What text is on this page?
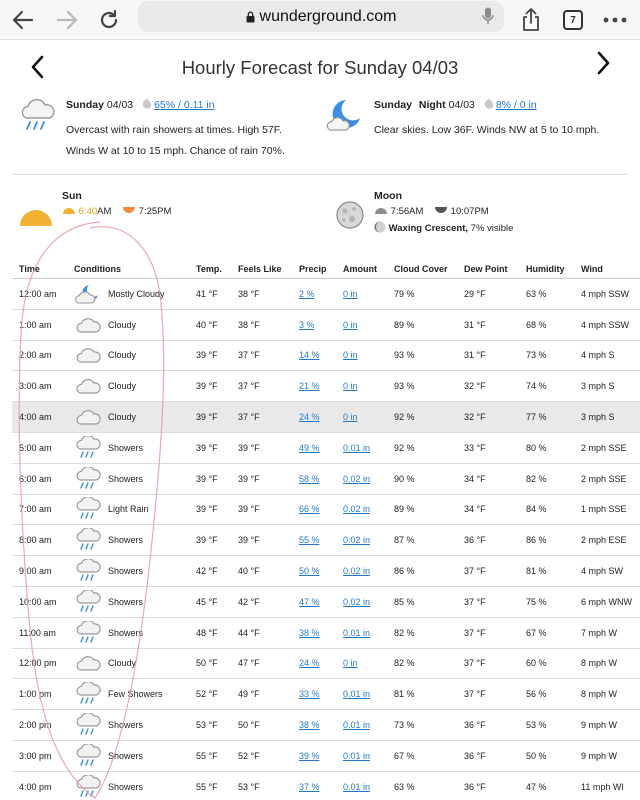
wunderground.com	7
Hourly Forecast for Sunday 04/03
Sunday 04/03 65% / 0.11 in
Overcast with rain showers at times. High 57F.
Winds W at 10 to 15 mph. Chance of rain 70%.
Sunday Night 04/03 8% / 0 in
Clear skies. Low 36F. Winds NW at 5 to 10 mph.
Sun
6:40AM	7:25PM
Moon
7:56AM	10:07PM
Waxing Crescent, 7% visible
Time	Conditions	Temp.	Feels Like	Precip	Amount	Cloud Cover	Dew Point	Humidity	Wind
12:00 am	Mostly Cloudy	41 °F	38 °F	2 %	0 in	79 %	29 °F	63 %	4 mph SSW
1:00 am	Cloudy	40 °F	38 °F	3 %	0 in	89 %	31 °F	68 %	4 mph SSW
2:00 am	Cloudy	39 °F	37 °F	14 %	0 in	93 %	31 °F	73 %	4 mph S
3:00 am	Cloudy	39 °F	37 °F	21 %	0 in	93 %	32 °F	74 %	3 mph S
4:00 am	Cloudy	39 °F	37 °F	24 %	0 in	92 %	32 °F	77 %	3 mph S
5:00 am	Showers	39 °F	39 °F	49 %	0.01 in	92 %	33 °F	80 %	2 mph SSE
6:00 am	Showers	39 °F	39 °F	58 %	0.02 in	90 %	34 °F	82 %	2 mph SSE
7:00 am	Light Rain	39 °F	39 °F	66 %	0.02 in	89 %	34 °F	84 %	1 mph SSE
8:00 am	Showers	39 °F	39 °F	55 %	0.02 in	87 %	36 °F	86 %	2 mph ESE
9:00 am	Showers	42 °F	40 °F	50 %	0.02 in	86 %	37 °F	81 %	4 mph SW
10:00 am	Showers	45 °F	42 °F	47 %	0.02 in	85 %	37 °F	75 %	6 mph WNW
11:00 am	Showers	48 °F	44 °F	38 %	0.01 in	82 %	37 °F	67 %	7 mph W
12:00 pm	Cloudy	50 °F	47 °F	24 %	0 in	82 %	37 °F	60 %	8 mph W
1:00 pm	Few Showers	52 °F	49 °F	33 %	0.01 in	81 %	37 °F	56 %	8 mph W
2:00 pm	Showers	53 °F	50 °F	38 %	0.01 in	73 %	36 °F	53 %	9 mph W
3:00 pm	Showers	55 °F	52 °F	39 %	0.01 in	67 %	36 °F	50 %	9 mph W
4:00 pm	Showers	55 °F	53 °F	37 %	0.01 in	63 %	36 °F	47 %	11 mph WI
